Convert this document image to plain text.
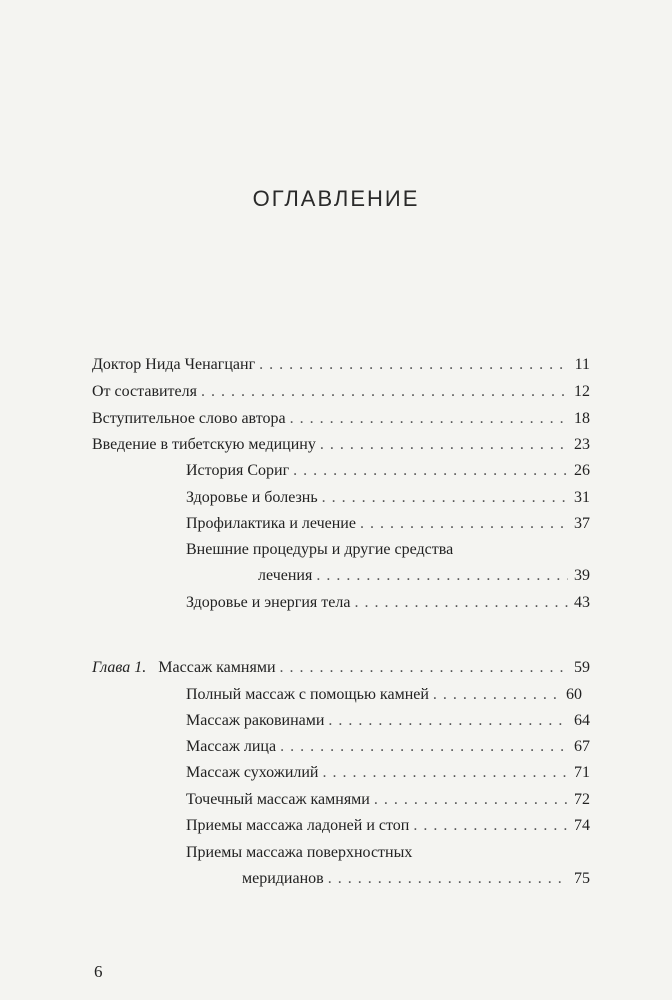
ОГЛАВЛЕНИЕ
Доктор Нида Ченагцанг . . .	11
От составителя . . .	12
Вступительное слово автора . . .	18
Введение в тибетскую медицину . . .	23
История Сориг . . .	26
Здоровье и болезнь . . .	31
Профилактика и лечение . . .	37
Внешние процедуры и другие средства
лечения . . .	39
Здоровье и энергия тела . . .	43
Глава 1. Массаж камнями . . .	59
Полный массаж с помощью камней . . .	60
Массаж раковинами . . .	64
Массаж лица . . .	67
Массаж сухожилий . . .	71
Точечный массаж камнями . . .	72
Приемы массажа ладоней и стоп . . .	74
Приемы массажа поверхностных
меридианов . . .	75
6
